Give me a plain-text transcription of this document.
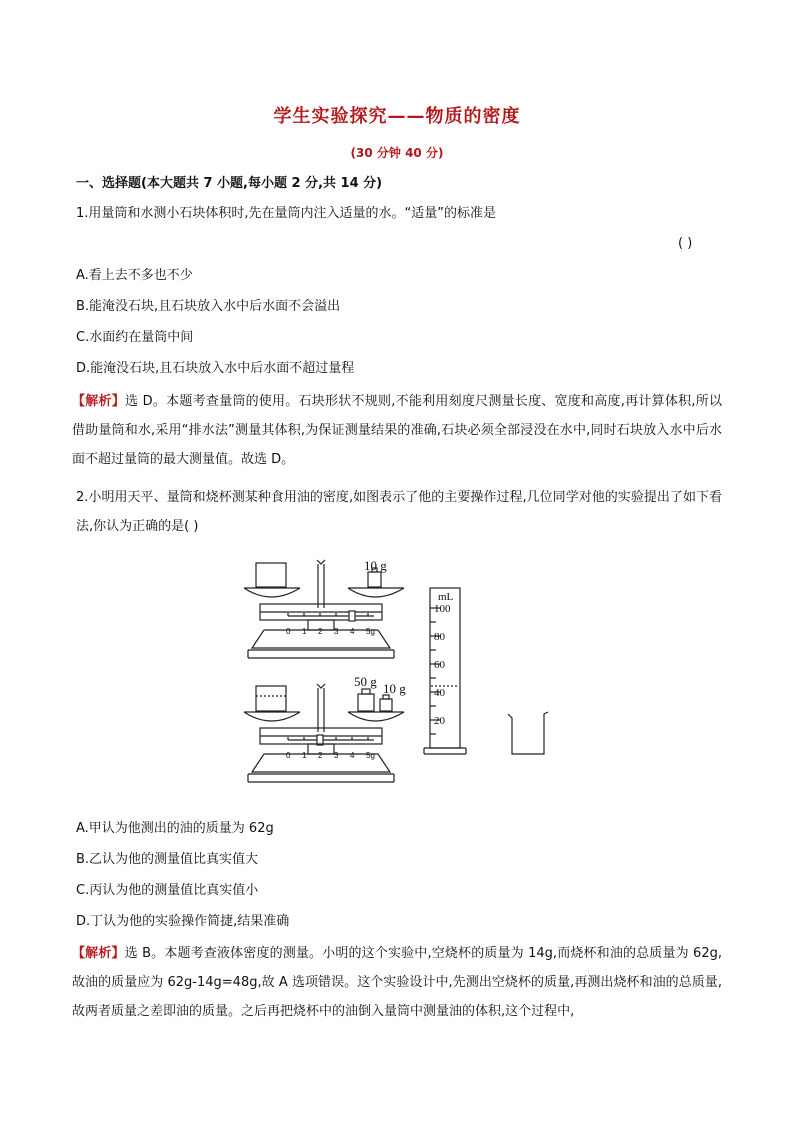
学生实验探究——物质的密度
(30 分钟 40 分)
一、选择题(本大题共 7 小题,每小题 2 分,共 14 分)
1.用量筒和水测小石块体积时,先在量筒内注入适量的水。“适量”的标准是
( )
A.看上去不多也不少
B.能淹没石块,且石块放入水中后水面不会溢出
C.水面约在量筒中间
D.能淹没石块,且石块放入水中后水面不超过量程
【解析】选 D。本题考查量筒的使用。石块形状不规则,不能利用刻度尺测量长度、宽度和高度,再计算体积,所以借助量筒和水,采用“排水法”测量其体积,为保证测量结果的准确,石块必须全部浸没在水中,同时石块放入水中后水面不超过量筒的最大测量值。故选 D。
2.小明用天平、量筒和烧杯测某种食用油的密度,如图表示了他的主要操作过程,几位同学对他的实验提出了如下看法,你认为正确的是( )
10 g
50 g 10 g
mL
0 1 2 3 4 5g
0 1 2 3 4 5g
100
80
60
40
20
A.甲认为他测出的油的质量为 62g
B.乙认为他的测量值比真实值大
C.丙认为他的测量值比真实值小
D.丁认为他的实验操作简捷,结果准确
【解析】选 B。本题考查液体密度的测量。小明的这个实验中,空烧杯的质量为 14g,而烧杯和油的总质量为 62g,故油的质量应为 62g-14g=48g,故 A 选项错误。这个实验设计中,先测出空烧杯的质量,再测出烧杯和油的总质量,故两者质量之差即油的质量。之后再把烧杯中的油倒入量筒中测量油的体积,这个过程中,
